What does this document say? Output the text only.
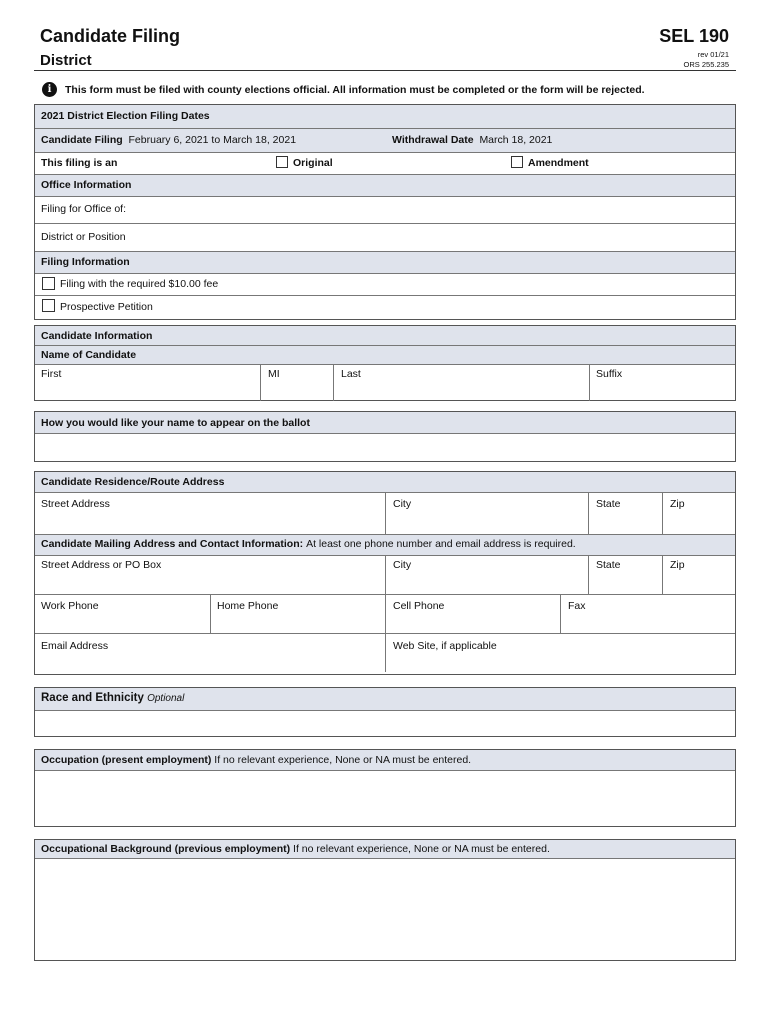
Candidate Filing
District
SEL 190
rev 01/21
ORS 255.235
i	This form must be filed with county elections official. All information must be completed or the form will be rejected.
2021 District Election Filing Dates
Candidate Filing February 6, 2021 to March 18, 2021	Withdrawal Date March 18, 2021
This filing is an	Original	Amendment
Office Information
Filing for Office of:
District or Position
Filing Information
Filing with the required $10.00 fee
Prospective Petition
Candidate Information
Name of Candidate
First	MI	Last	Suffix
How you would like your name to appear on the ballot
Candidate Residence/Route Address
Street Address	City	State	Zip
Candidate Mailing Address and Contact Information: At least one phone number and email address is required.
Street Address or PO Box	City	State	Zip
Work Phone	Home Phone	Cell Phone	Fax
Email Address	Web Site, if applicable
Race and Ethnicity Optional
Occupation (present employment) If no relevant experience, None or NA must be entered.
Occupational Background (previous employment) If no relevant experience, None or NA must be entered.
